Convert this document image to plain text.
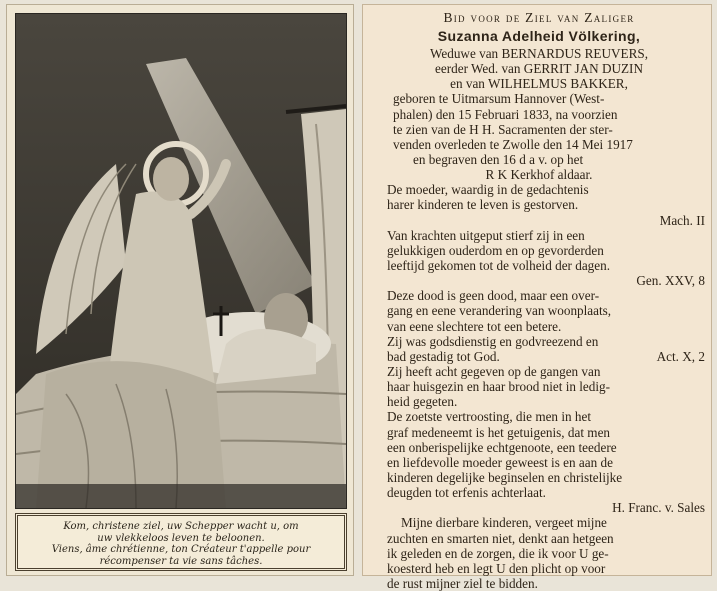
Kom, christene ziel, uw Schepper wacht u, om
uw vlekkeloos leven te beloonen.
Viens, âme chrétienne, ton Créateur t'appelle pour
récompenser ta vie sans tâches.
Bid voor de Ziel van Zaliger
Suzanna Adelheid Völkering,
Weduwe van BERNARDUS REUVERS,
eerder Wed. van GERRIT JAN DUZIN
en van WILHELMUS BAKKER,
geboren te Uitmarsum Hannover (West-
phalen) den 15 Februari 1833, na voorzien
te zien van de H H. Sacramenten der ster-
venden overleden te Zwolle den 14 Mei 1917
en begraven den 16 d a v. op het
R K Kerkhof aldaar.
De moeder, waardig in de gedachtenis
harer kinderen te leven is gestorven.
Mach. II
Van krachten uitgeput stierf zij in een
gelukkigen ouderdom en op gevorderden
leeftijd gekomen tot de volheid der dagen.
Gen. XXV, 8
Deze dood is geen dood, maar een over-
gang en eene verandering van woonplaats,
van eene slechtere tot een betere.
Zij was godsdienstig en godvreezend en
bad gestadig tot God.	Act. X, 2
Zij heeft acht gegeven op de gangen van
haar huisgezin en haar brood niet in ledig-
heid gegeten.
De zoetste vertroosting, die men in het
graf medeneemt is het getuigenis, dat men
een onberispelijke echtgenoote, een teedere
en liefdevolle moeder geweest is en aan de
kinderen degelijke beginselen en christelijke
deugden tot erfenis achterlaat.
H. Franc. v. Sales
Mijne dierbare kinderen, vergeet mijne
zuchten en smarten niet, denkt aan hetgeen
ik geleden en de zorgen, die ik voor U ge-
koesterd heb en legt U den plicht op voor
de rust mijner ziel te bidden.
